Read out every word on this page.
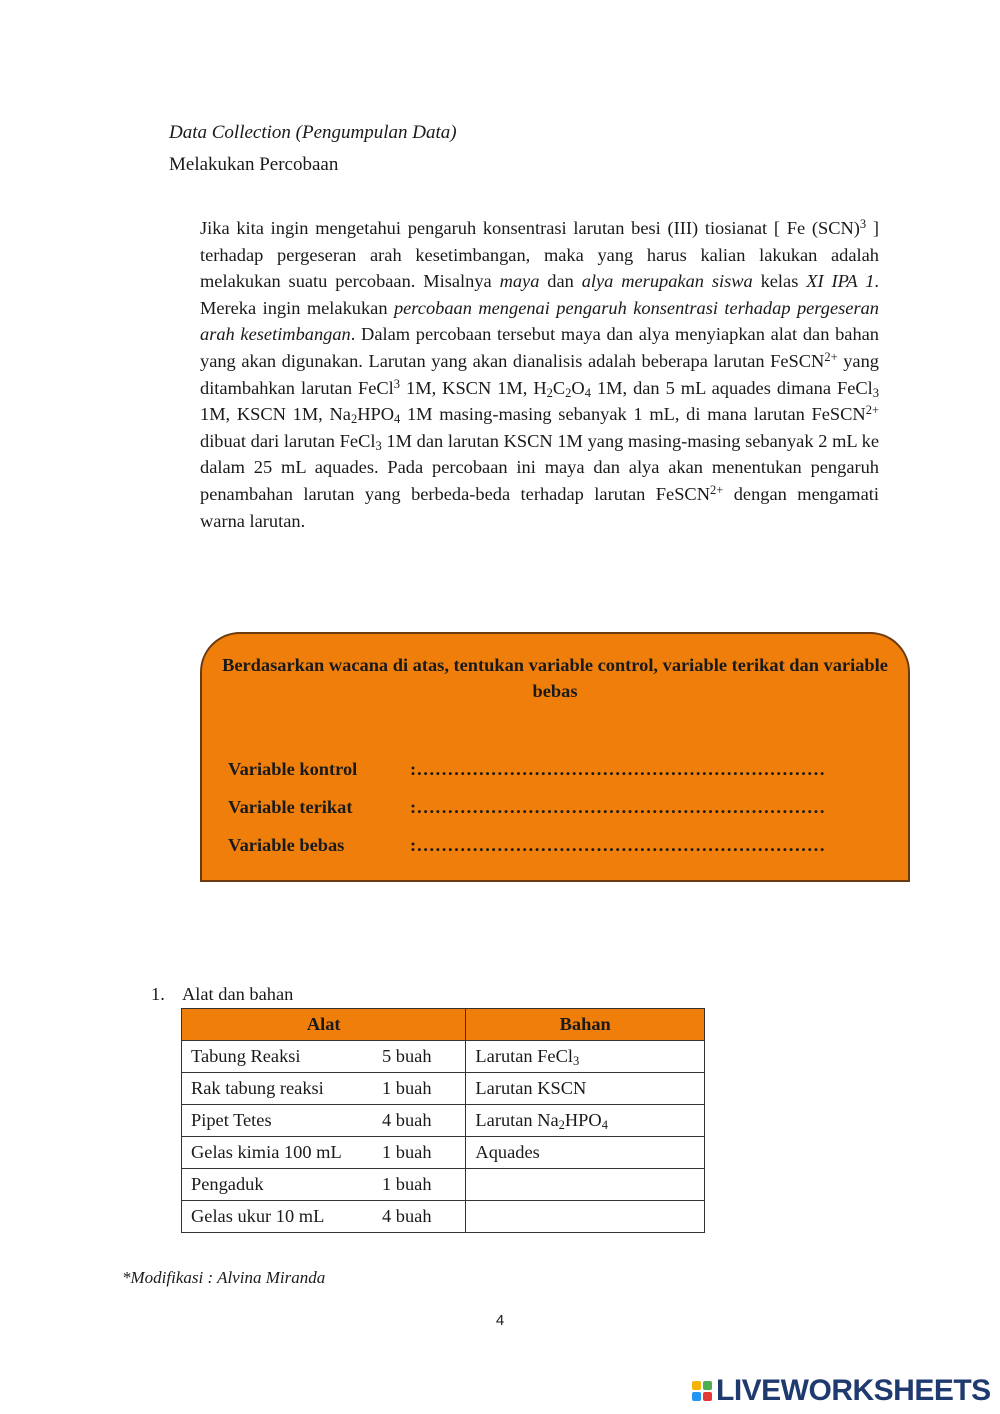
Data Collection (Pengumpulan Data)
Melakukan Percobaan
Jika kita ingin mengetahui pengaruh konsentrasi larutan besi (III) tiosianat [ Fe (SCN)$^3$ ] terhadap pergeseran arah kesetimbangan, maka yang harus kalian lakukan adalah melakukan suatu percobaan. Misalnya maya dan alya merupakan siswa kelas XI IPA 1. Mereka ingin melakukan percobaan mengenai pengaruh konsentrasi terhadap pergeseran arah kesetimbangan. Dalam percobaan tersebut maya dan alya menyiapkan alat dan bahan yang akan digunakan. Larutan yang akan dianalisis adalah beberapa larutan FeSCN$^{2+}$ yang ditambahkan larutan FeCl$^3$ 1M, KSCN 1M, $H_2C_2O_4$ 1M, dan 5 mL aquades dimana FeCl$_3$ 1M, KSCN 1M, $Na_2HPO_4$ 1M masing-masing sebanyak 1 mL, di mana larutan FeSCN$^{2+}$ dibuat dari larutan FeCl$_3$ 1M dan larutan KSCN 1M yang masing-masing sebanyak 2 mL ke dalam 25 mL aquades. Pada percobaan ini maya dan alya akan menentukan pengaruh penambahan larutan yang berbeda-beda terhadap larutan FeSCN$^{2+}$ dengan mengamati warna larutan.
Berdasarkan wacana di atas, tentukan variable control, variable terikat dan variable bebas
Variable kontrol	:…………………………………………………………
Variable terikat	:…………………………………………………………
Variable bebas	:…………………………………………………………
1. Alat dan bahan
Alat	Bahan

Tabung Reaksi 5 buah	Larutan FeCl$_3$

Rak tabung reaksi 1 buah	Larutan KSCN

Pipet Tetes 4 buah	Larutan $Na_2HPO_4$

Gelas kimia 100 mL 1 buah	Aquades

Pengaduk 1 buah	

Gelas ukur 10 mL 4 buah	

*Modifikasi : Alvina Miranda
4
LIVEWORKSHEETS
